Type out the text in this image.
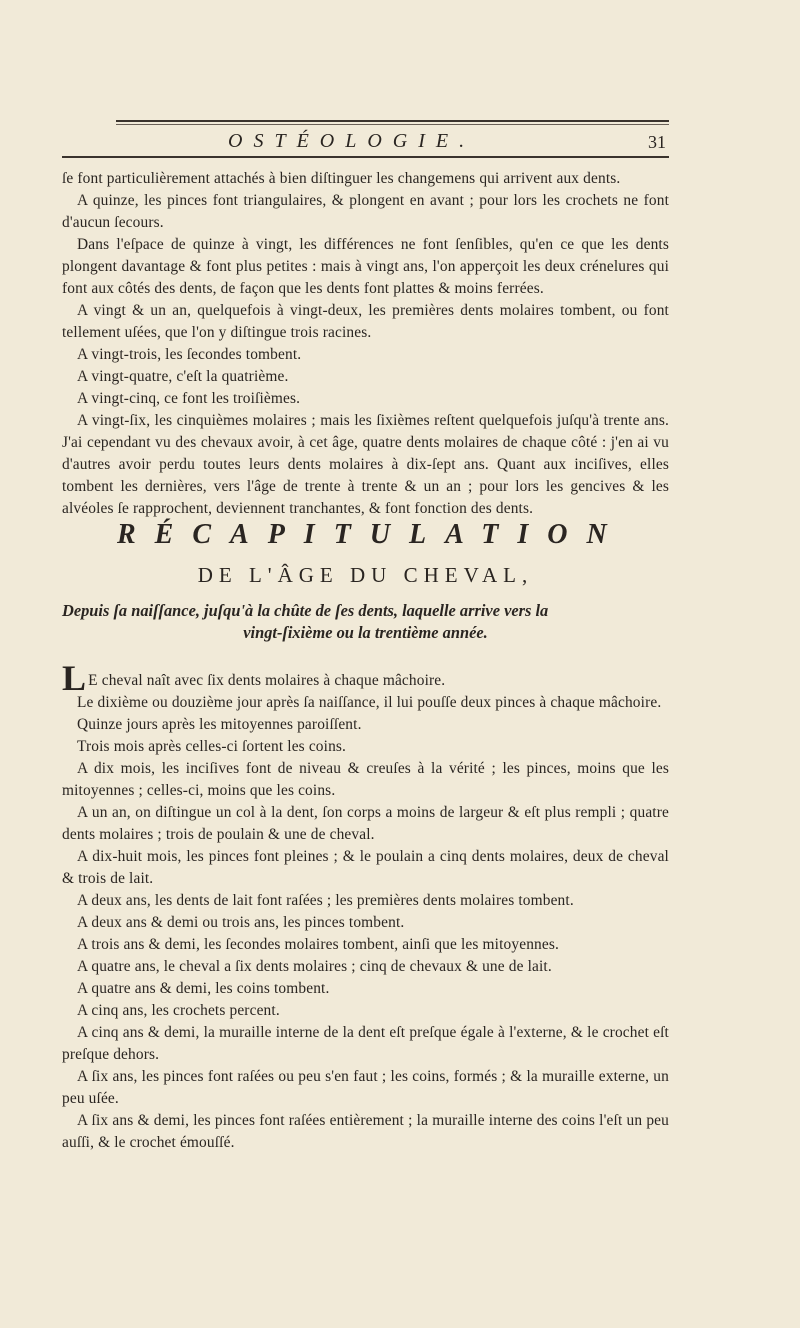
OSTÉOLOGIE.	31

ſe font particulièrement attachés à bien diſtinguer les changemens qui arrivent aux dents.

A quinze, les pinces font triangulaires, & plongent en avant ; pour lors les crochets ne font d'aucun ſecours.

Dans l'eſpace de quinze à vingt, les différences ne font ſenſibles, qu'en ce que les dents plongent davantage & font plus petites : mais à vingt ans, l'on apperçoit les deux crénelures qui font aux côtés des dents, de façon que les dents font plattes & moins ferrées.

A vingt & un an, quelquefois à vingt-deux, les premières dents molaires tombent, ou font tellement uſées, que l'on y diſtingue trois racines.

A vingt-trois, les ſecondes tombent.

A vingt-quatre, c'eſt la quatrième.

A vingt-cinq, ce font les troiſièmes.

A vingt-ſix, les cinquièmes molaires ; mais les ſixièmes reſtent quelquefois juſqu'à trente ans. J'ai cependant vu des chevaux avoir, à cet âge, quatre dents molaires de chaque côté : j'en ai vu d'autres avoir perdu toutes leurs dents molaires à dix-ſept ans. Quant aux inciſives, elles tombent les dernières, vers l'âge de trente à trente & un an ; pour lors les gencives & les alvéoles ſe rapprochent, deviennent tranchantes, & font fonction des dents.

RÉCAPITULATION
DE L'ÂGE DU CHEVAL,
Depuis ſa naiſſance, juſqu'à la chûte de ſes dents, laquelle arrive vers la
vingt-ſixième ou la trentième année.

L E cheval naît avec ſix dents molaires à chaque mâchoire.

Le dixième ou douzième jour après ſa naiſſance, il lui pouſſe deux pinces à chaque mâchoire.

Quinze jours après les mitoyennes paroiſſent.

Trois mois après celles-ci ſortent les coins.

A dix mois, les inciſives font de niveau & creuſes à la vérité ; les pinces, moins que les mitoyennes ; celles-ci, moins que les coins.

A un an, on diſtingue un col à la dent, ſon corps a moins de largeur & eſt plus rempli ; quatre dents molaires ; trois de poulain & une de cheval.

A dix-huit mois, les pinces font pleines ; & le poulain a cinq dents molaires, deux de cheval & trois de lait.

A deux ans, les dents de lait font raſées ; les premières dents molaires tombent.

A deux ans & demi ou trois ans, les pinces tombent.

A trois ans & demi, les ſecondes molaires tombent, ainſi que les mitoyennes.

A quatre ans, le cheval a ſix dents molaires ; cinq de chevaux & une de lait.

A quatre ans & demi, les coins tombent.

A cinq ans, les crochets percent.

A cinq ans & demi, la muraille interne de la dent eſt preſque égale à l'externe, & le crochet eſt preſque dehors.

A ſix ans, les pinces font raſées ou peu s'en faut ; les coins, formés ; & la muraille externe, un peu uſée.

A ſix ans & demi, les pinces font raſées entièrement ; la muraille interne des coins l'eſt un peu auſſi, & le crochet émouſſé.
